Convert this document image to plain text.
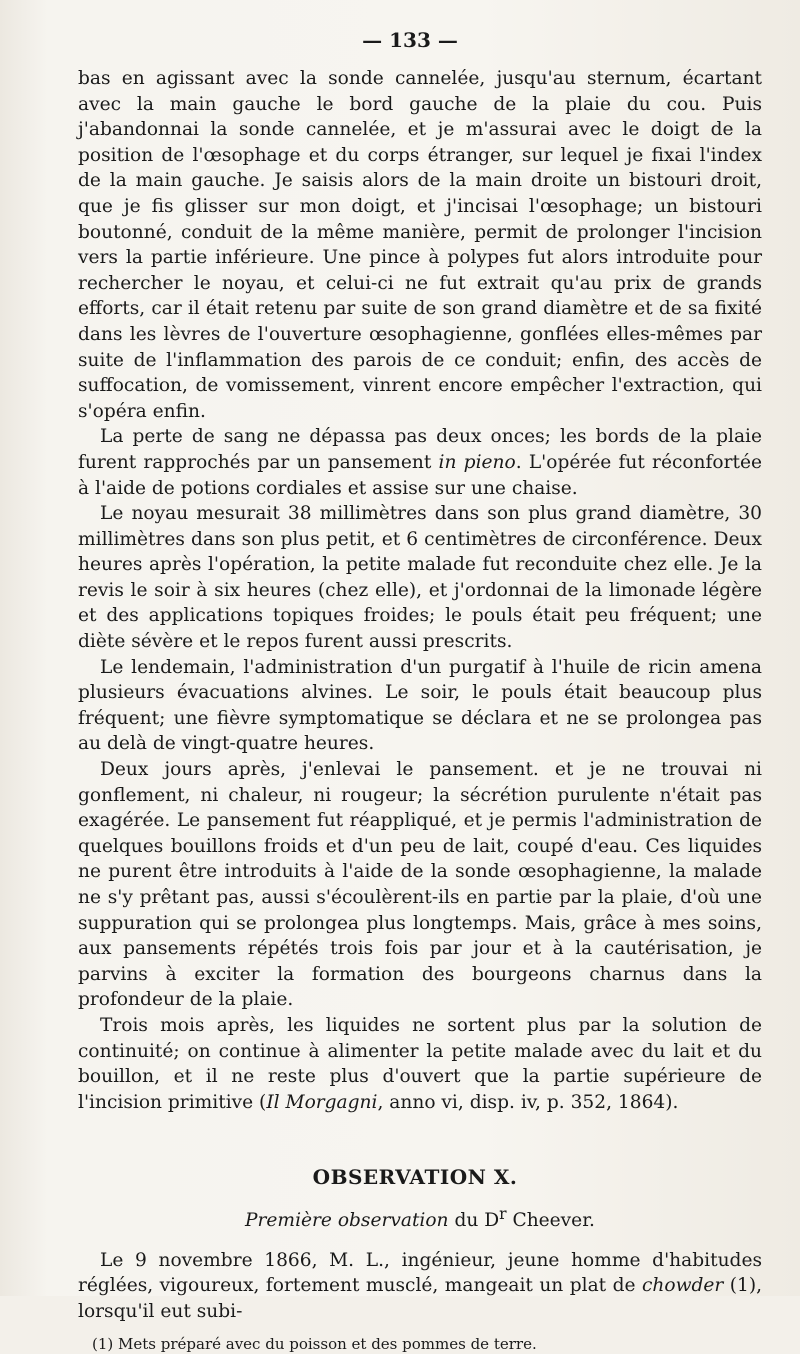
— 133 —

bas en agissant avec la sonde cannelée, jusqu'au sternum, écartant avec la main gauche le bord gauche de la plaie du cou. Puis j'abandonnai la sonde cannelée, et je m'assurai avec le doigt de la position de l'œsophage et du corps étranger, sur lequel je fixai l'index de la main gauche. Je saisis alors de la main droite un bistouri droit, que je fis glisser sur mon doigt, et j'incisai l'œsophage; un bistouri boutonné, conduit de la même manière, permit de prolonger l'incision vers la partie inférieure. Une pince à polypes fut alors introduite pour rechercher le noyau, et celui-ci ne fut extrait qu'au prix de grands efforts, car il était retenu par suite de son grand diamètre et de sa fixité dans les lèvres de l'ouverture œsophagienne, gonflées elles-mêmes par suite de l'inflammation des parois de ce conduit; enfin, des accès de suffocation, de vomissement, vinrent encore empêcher l'extraction, qui s'opéra enfin.

La perte de sang ne dépassa pas deux onces; les bords de la plaie furent rapprochés par un pansement in pieno. L'opérée fut réconfortée à l'aide de potions cordiales et assise sur une chaise.

Le noyau mesurait 38 millimètres dans son plus grand diamètre, 30 millimètres dans son plus petit, et 6 centimètres de circonférence. Deux heures après l'opération, la petite malade fut reconduite chez elle. Je la revis le soir à six heures (chez elle), et j'ordonnai de la limonade légère et des applications topiques froides; le pouls était peu fréquent; une diète sévère et le repos furent aussi prescrits.

Le lendemain, l'administration d'un purgatif à l'huile de ricin amena plusieurs évacuations alvines. Le soir, le pouls était beaucoup plus fréquent; une fièvre symptomatique se déclara et ne se prolongea pas au delà de vingt-quatre heures.

Deux jours après, j'enlevai le pansement. et je ne trouvai ni gonflement, ni chaleur, ni rougeur; la sécrétion purulente n'était pas exagérée. Le pansement fut réappliqué, et je permis l'administration de quelques bouillons froids et d'un peu de lait, coupé d'eau. Ces liquides ne purent être introduits à l'aide de la sonde œsophagienne, la malade ne s'y prêtant pas, aussi s'écoulèrent-ils en partie par la plaie, d'où une suppuration qui se prolongea plus longtemps. Mais, grâce à mes soins, aux pansements répétés trois fois par jour et à la cautérisation, je parvins à exciter la formation des bourgeons charnus dans la profondeur de la plaie.

Trois mois après, les liquides ne sortent plus par la solution de continuité; on continue à alimenter la petite malade avec du lait et du bouillon, et il ne reste plus d'ouvert que la partie supérieure de l'incision primitive (Il Morgagni, anno vi, disp. iv, p. 352, 1864).

OBSERVATION X.
Première observation du $D^r$ Cheever.

Le 9 novembre 1866, M. L., ingénieur, jeune homme d'habitudes réglées, vigoureux, fortement musclé, mangeait un plat de chowder (1), lorsqu'il eut subi-

(1) Mets préparé avec du poisson et des pommes de terre.
